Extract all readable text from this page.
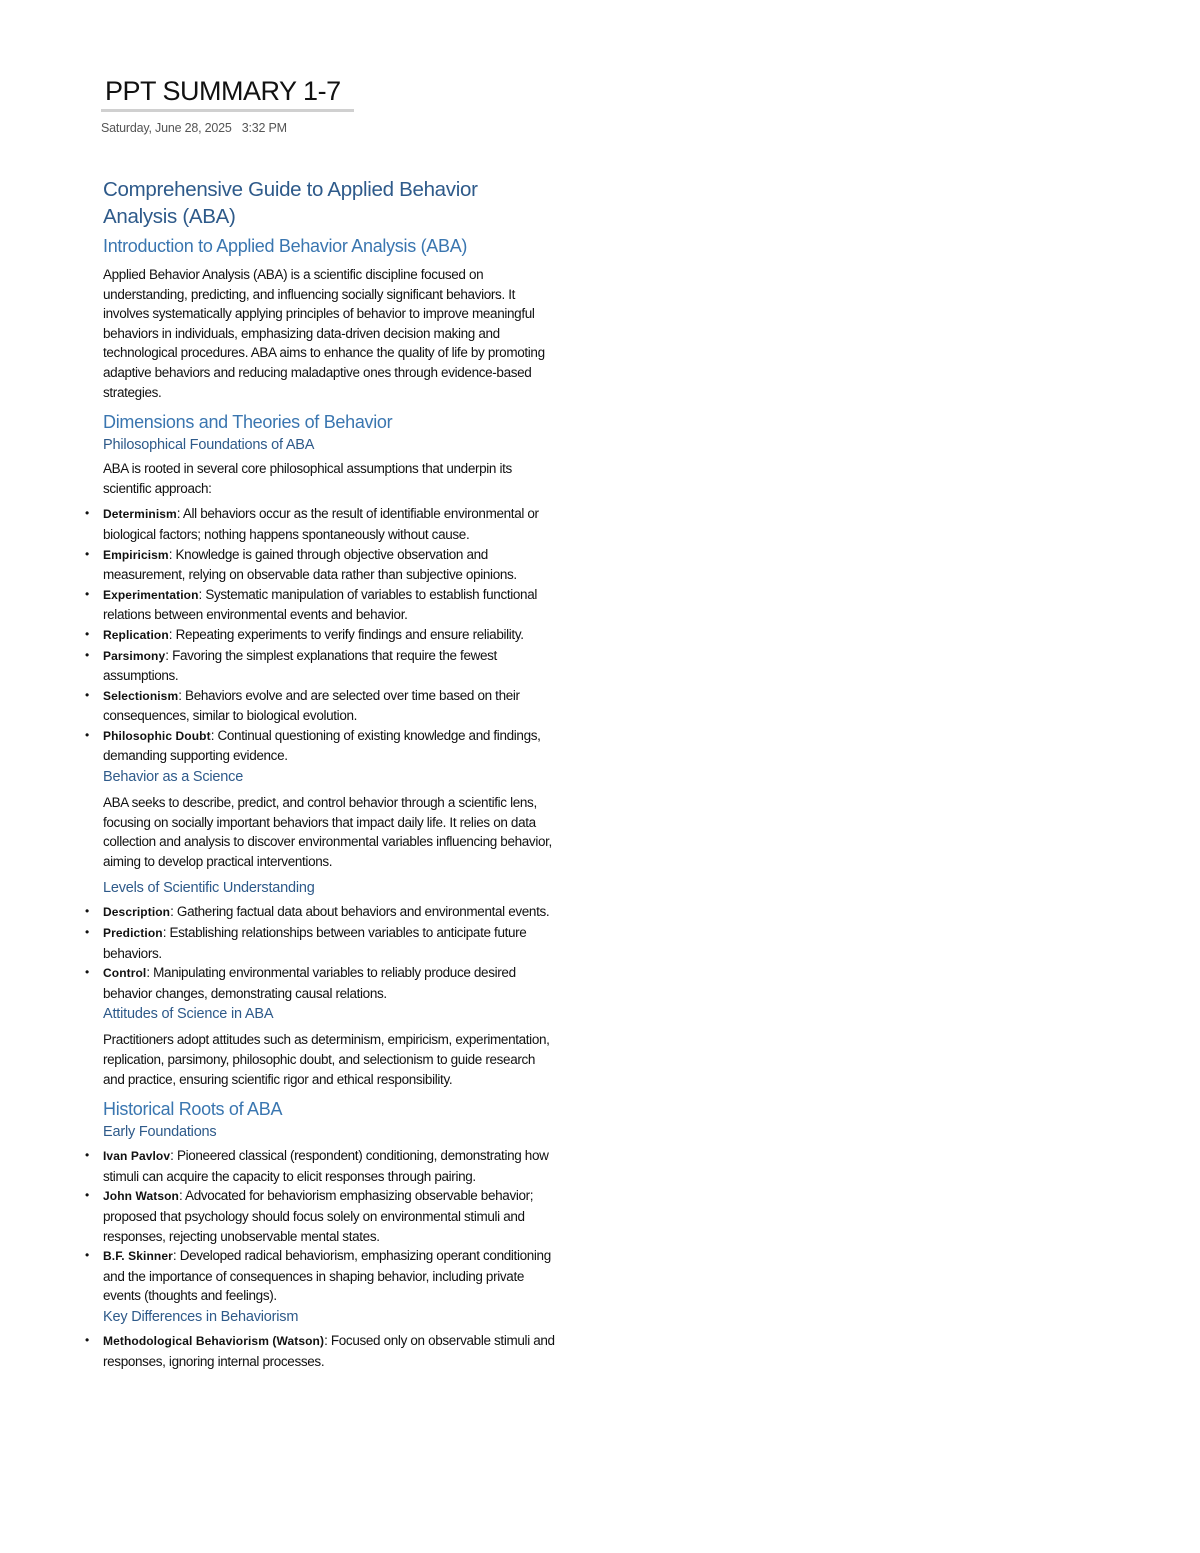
PPT SUMMARY 1-7
Saturday, June 28, 2025 3:32 PM
Comprehensive Guide to Applied Behavior Analysis (ABA)
Introduction to Applied Behavior Analysis (ABA)

Applied Behavior Analysis (ABA) is a scientific discipline focused on understanding, predicting, and influencing socially significant behaviors. It involves systematically applying principles of behavior to improve meaningful behaviors in individuals, emphasizing data-driven decision making and technological procedures. ABA aims to enhance the quality of life by promoting adaptive behaviors and reducing maladaptive ones through evidence-based strategies.

Dimensions and Theories of Behavior
Philosophical Foundations of ABA

ABA is rooted in several core philosophical assumptions that underpin its scientific approach:

• Determinism: All behaviors occur as the result of identifiable environmental or biological factors; nothing happens spontaneously without cause.
• Empiricism: Knowledge is gained through objective observation and measurement, relying on observable data rather than subjective opinions.
• Experimentation: Systematic manipulation of variables to establish functional relations between environmental events and behavior.
• Replication: Repeating experiments to verify findings and ensure reliability.
• Parsimony: Favoring the simplest explanations that require the fewest assumptions.
• Selectionism: Behaviors evolve and are selected over time based on their consequences, similar to biological evolution.
• Philosophic Doubt: Continual questioning of existing knowledge and findings, demanding supporting evidence.
Behavior as a Science

ABA seeks to describe, predict, and control behavior through a scientific lens, focusing on socially important behaviors that impact daily life. It relies on data collection and analysis to discover environmental variables influencing behavior, aiming to develop practical interventions.

Levels of Scientific Understanding
• Description: Gathering factual data about behaviors and environmental events.
• Prediction: Establishing relationships between variables to anticipate future behaviors.
• Control: Manipulating environmental variables to reliably produce desired behavior changes, demonstrating causal relations.
Attitudes of Science in ABA

Practitioners adopt attitudes such as determinism, empiricism, experimentation, replication, parsimony, philosophic doubt, and selectionism to guide research and practice, ensuring scientific rigor and ethical responsibility.

Historical Roots of ABA
Early Foundations
• Ivan Pavlov: Pioneered classical (respondent) conditioning, demonstrating how stimuli can acquire the capacity to elicit responses through pairing.
• John Watson: Advocated for behaviorism emphasizing observable behavior; proposed that psychology should focus solely on environmental stimuli and responses, rejecting unobservable mental states.
• B.F. Skinner: Developed radical behaviorism, emphasizing operant conditioning and the importance of consequences in shaping behavior, including private events (thoughts and feelings).
Key Differences in Behaviorism
• Methodological Behaviorism (Watson): Focused only on observable stimuli and responses, ignoring internal processes.
